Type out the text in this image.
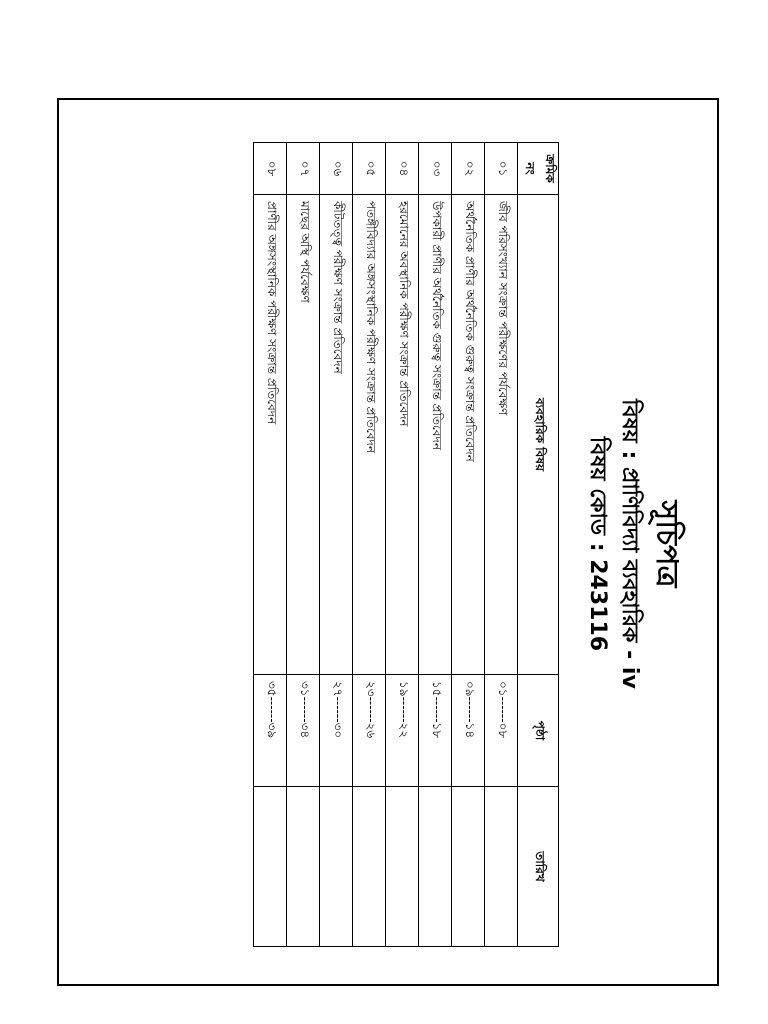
সূচিপত্র
বিষয় : প্রাণিবিদ্যা ব্যবহারিক - iv
বিষয় কোড : 243116
ক্রমিক নং	ব্যবহারিক বিষয়	পৃষ্ঠা	তারিখ
০১	জীব পরিসংখ্যান সংক্রান্ত পরীক্ষণের পর্যবেক্ষণ	০১------০৮	
০২	অর্থনৈতিক প্রাণীর অর্থনৈতিক গুরুত্ব সংক্রান্ত প্রতিবেদন	০৯------১৪	
০৩	উপকারী প্রাণীর অর্থনৈতিক গুরুত্ব সংক্রান্ত প্রতিবেদন	১৫------১৮	
০৪	হরমোনের অবস্থানিক পরীক্ষণ সংক্রান্ত প্রতিবেদন	১৯------২২	
০৫	পতঙ্গীবিদ্যার অঙ্গসংস্থানিক পরীক্ষণ সংক্রান্ত প্রতিবেদন	২৩------২৬	
০৬	কীটতত্ত্ব পরীক্ষণ সংক্রান্ত প্রতিবেদন	২৭------৩০	
০৭	মাছের অস্থি পর্যবেক্ষণ	৩১------৩৪	
০৮	প্রাণীর অঙ্গসংস্থানিক পরীক্ষণ সংক্রান্ত প্রতিবেদন	৩৫------৩৯	
